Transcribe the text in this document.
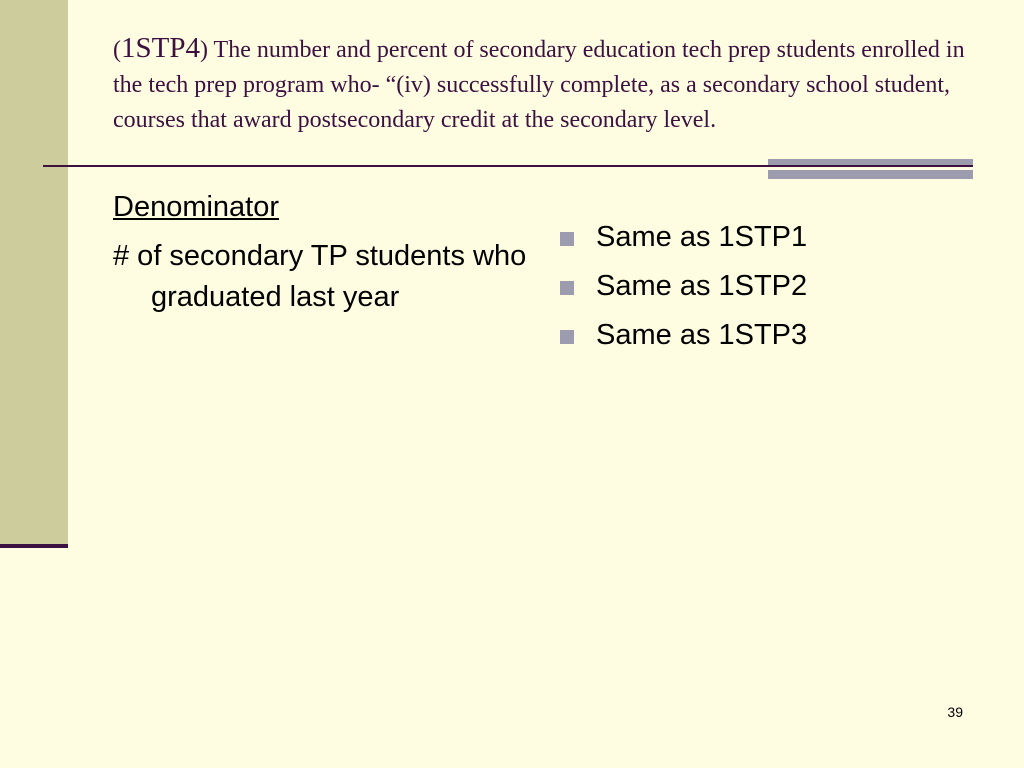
(1STP4) The number and percent of secondary education tech prep students enrolled in the tech prep program who- “(iv) successfully complete, as a secondary school student, courses that award postsecondary credit at the secondary level.
Denominator
# of secondary TP students who graduated last year
Same as 1STP1
Same as 1STP2
Same as 1STP3
39
